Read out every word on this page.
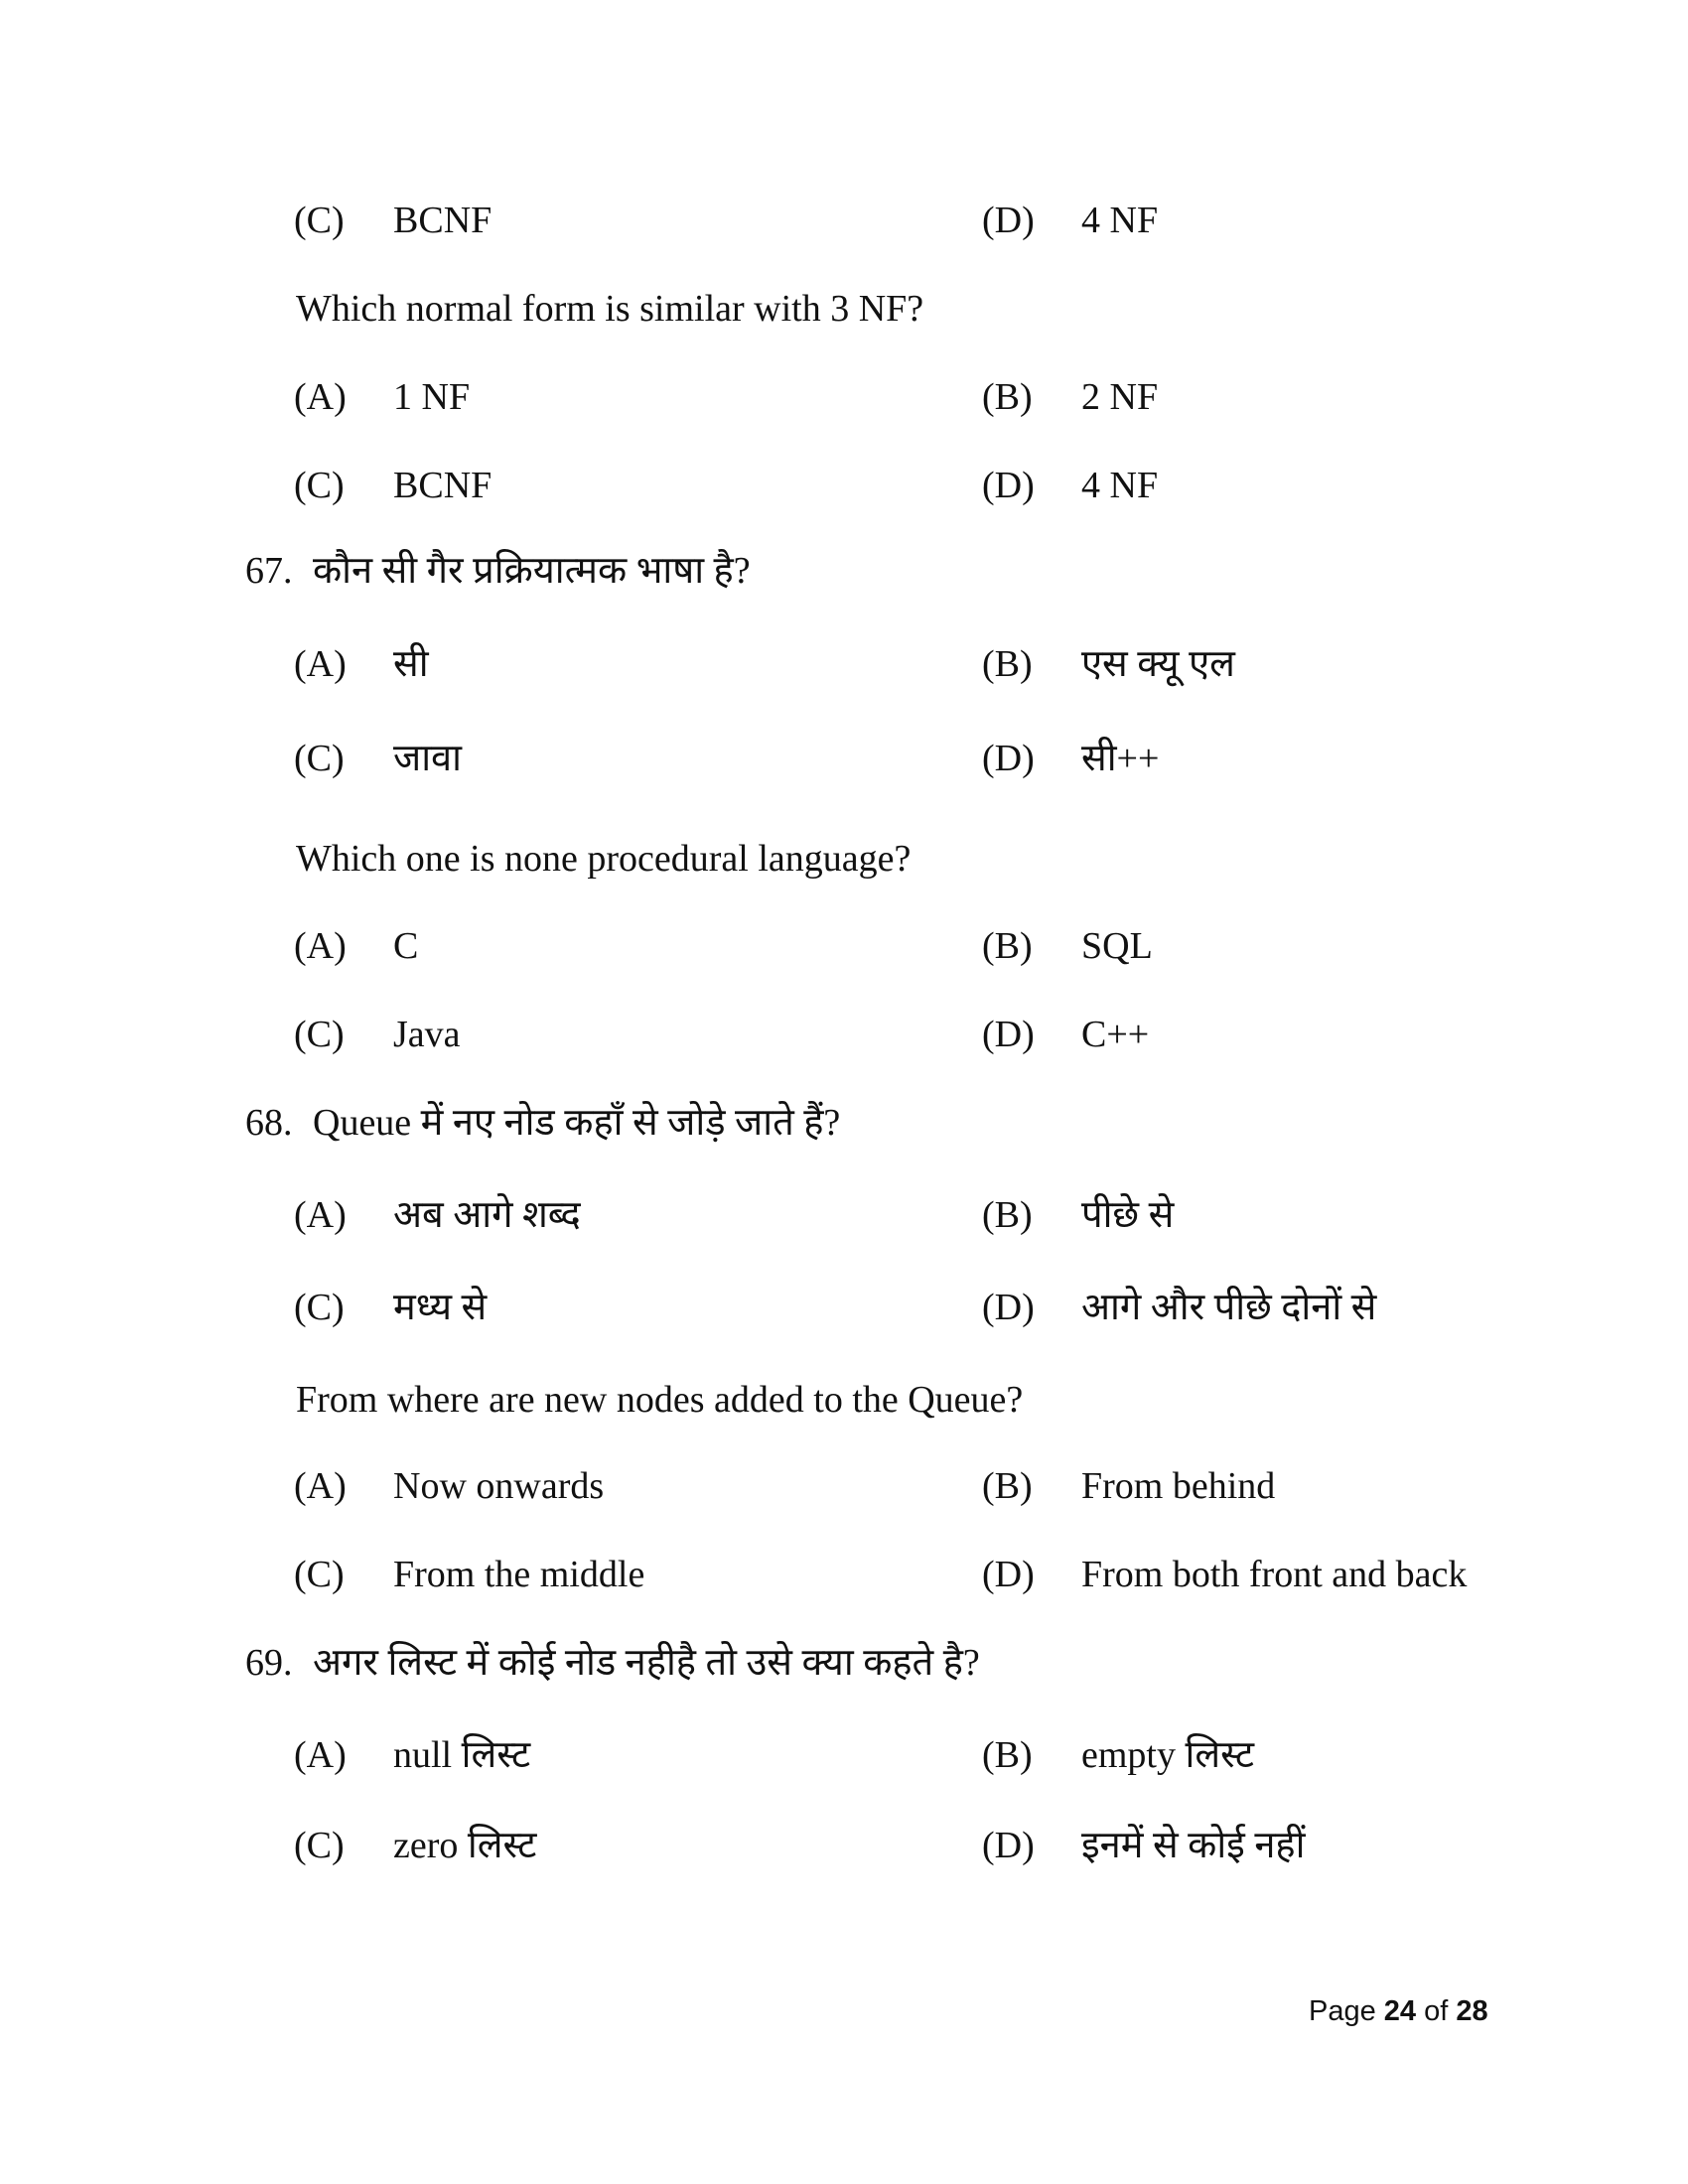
(C) BCNF	(D) 4 NF
Which normal form is similar with 3 NF?
(A) 1 NF	(B) 2 NF
(C) BCNF	(D) 4 NF
67. कौन सी गैर प्रक्रियात्मक भाषा है?
(A) सी	(B) एस क्यू एल
(C) जावा	(D) सी++
Which one is none procedural language?
(A) C	(B) SQL
(C) Java	(D) C++
68. Queue में नए नोड कहाँ से जोड़े जाते हैं?
(A) अब आगे शब्द	(B) पीछे से
(C) मध्य से	(D) आगे और पीछे दोनों से
From where are new nodes added to the Queue?
(A) Now onwards	(B) From behind
(C) From the middle	(D) From both front and back
69. अगर लिस्ट में कोई नोड नहीहै तो उसे क्या कहते है?
(A) null लिस्ट	(B) empty लिस्ट
(C) zero लिस्ट	(D) इनमें से कोई नहीं
Page 24 of 28
